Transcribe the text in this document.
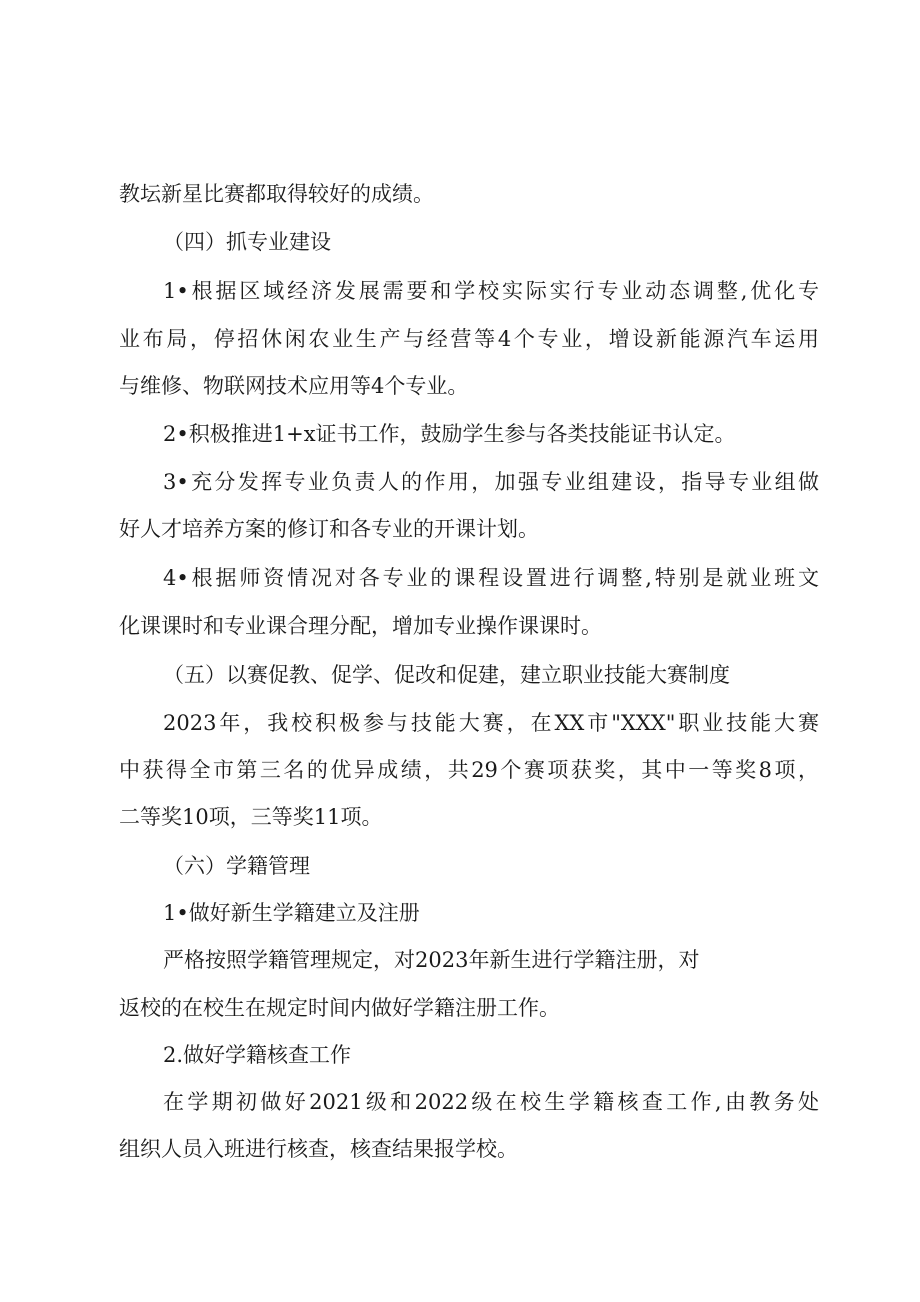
教坛新星比赛都取得较好的成绩。
（四）抓专业建设
1•根据区域经济发展需要和学校实际实行专业动态调整,优化专
业布局，停招休闲农业生产与经营等4个专业，增设新能源汽车运用
与维修、物联网技术应用等4个专业。
2•积极推进1+x证书工作，鼓励学生参与各类技能证书认定。
3•充分发挥专业负责人的作用，加强专业组建设，指导专业组做
好人才培养方案的修订和各专业的开课计划。
4•根据师资情况对各专业的课程设置进行调整,特别是就业班文
化课课时和专业课合理分配，增加专业操作课课时。
（五）以赛促教、促学、促改和促建，建立职业技能大赛制度
2023年，我校积极参与技能大赛，在XX市"XXX"职业技能大赛
中获得全市第三名的优异成绩，共29个赛项获奖，其中一等奖8项，
二等奖10项，三等奖11项。
（六）学籍管理
1•做好新生学籍建立及注册
严格按照学籍管理规定，对2023年新生进行学籍注册，对
返校的在校生在规定时间内做好学籍注册工作。
2.做好学籍核查工作
在学期初做好2021级和2022级在校生学籍核查工作,由教务处
组织人员入班进行核查，核查结果报学校。
